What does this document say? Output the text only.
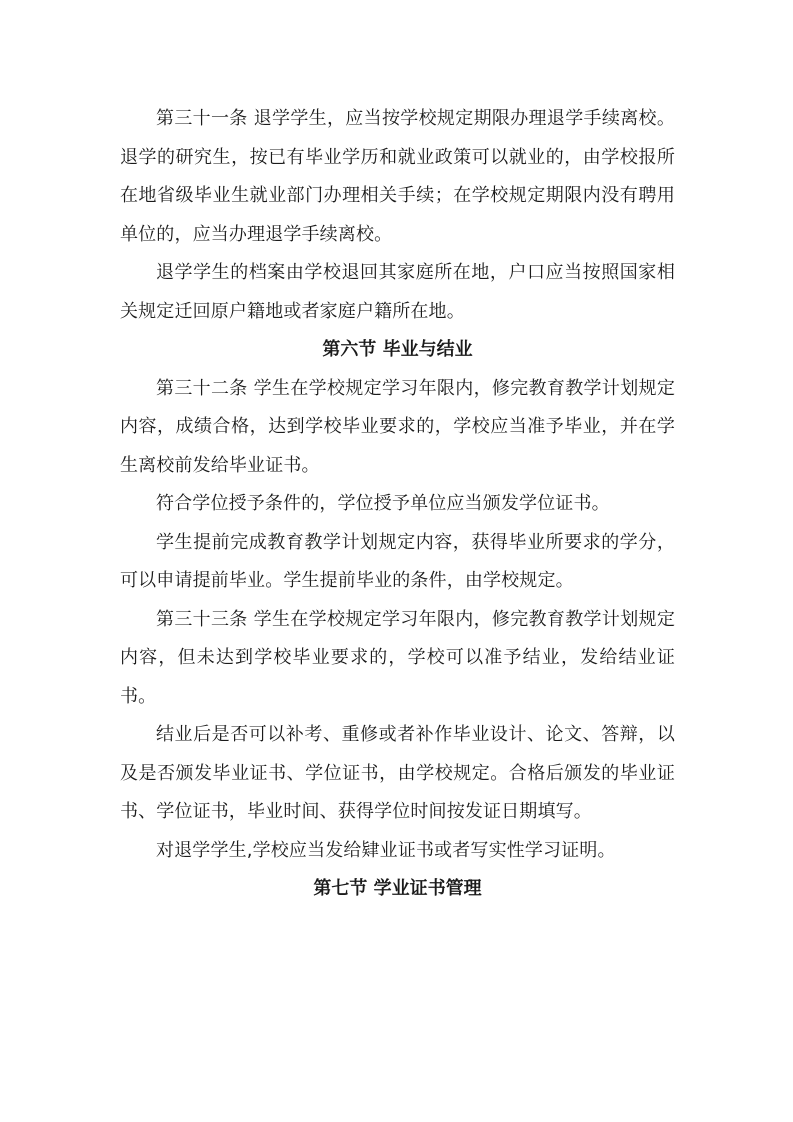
第三十一条 退学学生，应当按学校规定期限办理退学手续离校。退学的研究生，按已有毕业学历和就业政策可以就业的，由学校报所在地省级毕业生就业部门办理相关手续；在学校规定期限内没有聘用单位的，应当办理退学手续离校。

退学学生的档案由学校退回其家庭所在地，户口应当按照国家相关规定迁回原户籍地或者家庭户籍所在地。

第六节 毕业与结业

第三十二条 学生在学校规定学习年限内，修完教育教学计划规定内容，成绩合格，达到学校毕业要求的，学校应当准予毕业，并在学生离校前发给毕业证书。

符合学位授予条件的，学位授予单位应当颁发学位证书。

学生提前完成教育教学计划规定内容，获得毕业所要求的学分，可以申请提前毕业。学生提前毕业的条件，由学校规定。

第三十三条 学生在学校规定学习年限内，修完教育教学计划规定内容，但未达到学校毕业要求的，学校可以准予结业，发给结业证书。

结业后是否可以补考、重修或者补作毕业设计、论文、答辩，以及是否颁发毕业证书、学位证书，由学校规定。合格后颁发的毕业证书、学位证书，毕业时间、获得学位时间按发证日期填写。

对退学学生,学校应当发给肄业证书或者写实性学习证明。

第七节 学业证书管理
